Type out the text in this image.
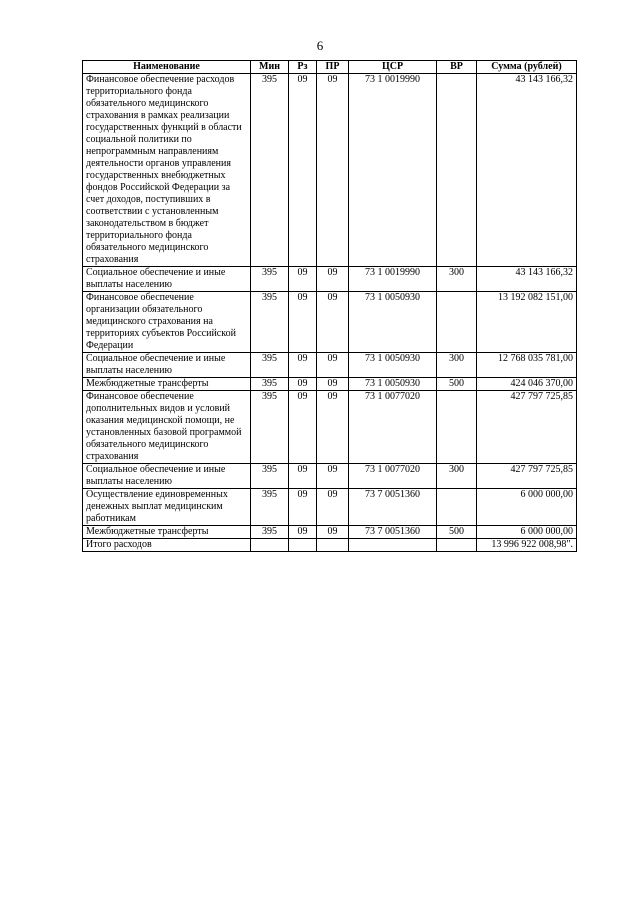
6
Наименование	Мин	Рз	ПР	ЦСР	ВР	Сумма (рублей)
Финансовое обеспечение расходов территориального фонда обязательного медицинского страхования в рамках реализации государственных функций в области социальной политики по непрограммным направлениям деятельности органов управления государственных внебюджетных фондов Российской Федерации за счет доходов, поступивших в соответствии с установленным законодательством в бюджет территориального фонда обязательного медицинского страхования	395	09	09	73 1 0019990		43 143 166,32
Социальное обеспечение и иные выплаты населению	395	09	09	73 1 0019990	300	43 143 166,32
Финансовое обеспечение организации обязательного медицинского страхования на территориях субъектов Российской Федерации	395	09	09	73 1 0050930		13 192 082 151,00
Социальное обеспечение и иные выплаты населению	395	09	09	73 1 0050930	300	12 768 035 781,00
Межбюджетные трансферты	395	09	09	73 1 0050930	500	424 046 370,00
Финансовое обеспечение дополнительных видов и условий оказания медицинской помощи, не установленных базовой программой обязательного медицинского страхования	395	09	09	73 1 0077020		427 797 725,85
Социальное обеспечение и иные выплаты населению	395	09	09	73 1 0077020	300	427 797 725,85
Осуществление единовременных денежных выплат медицинским работникам	395	09	09	73 7 0051360		6 000 000,00
Межбюджетные трансферты	395	09	09	73 7 0051360	500	6 000 000,00
Итого расходов						13 996 922 008,98".
